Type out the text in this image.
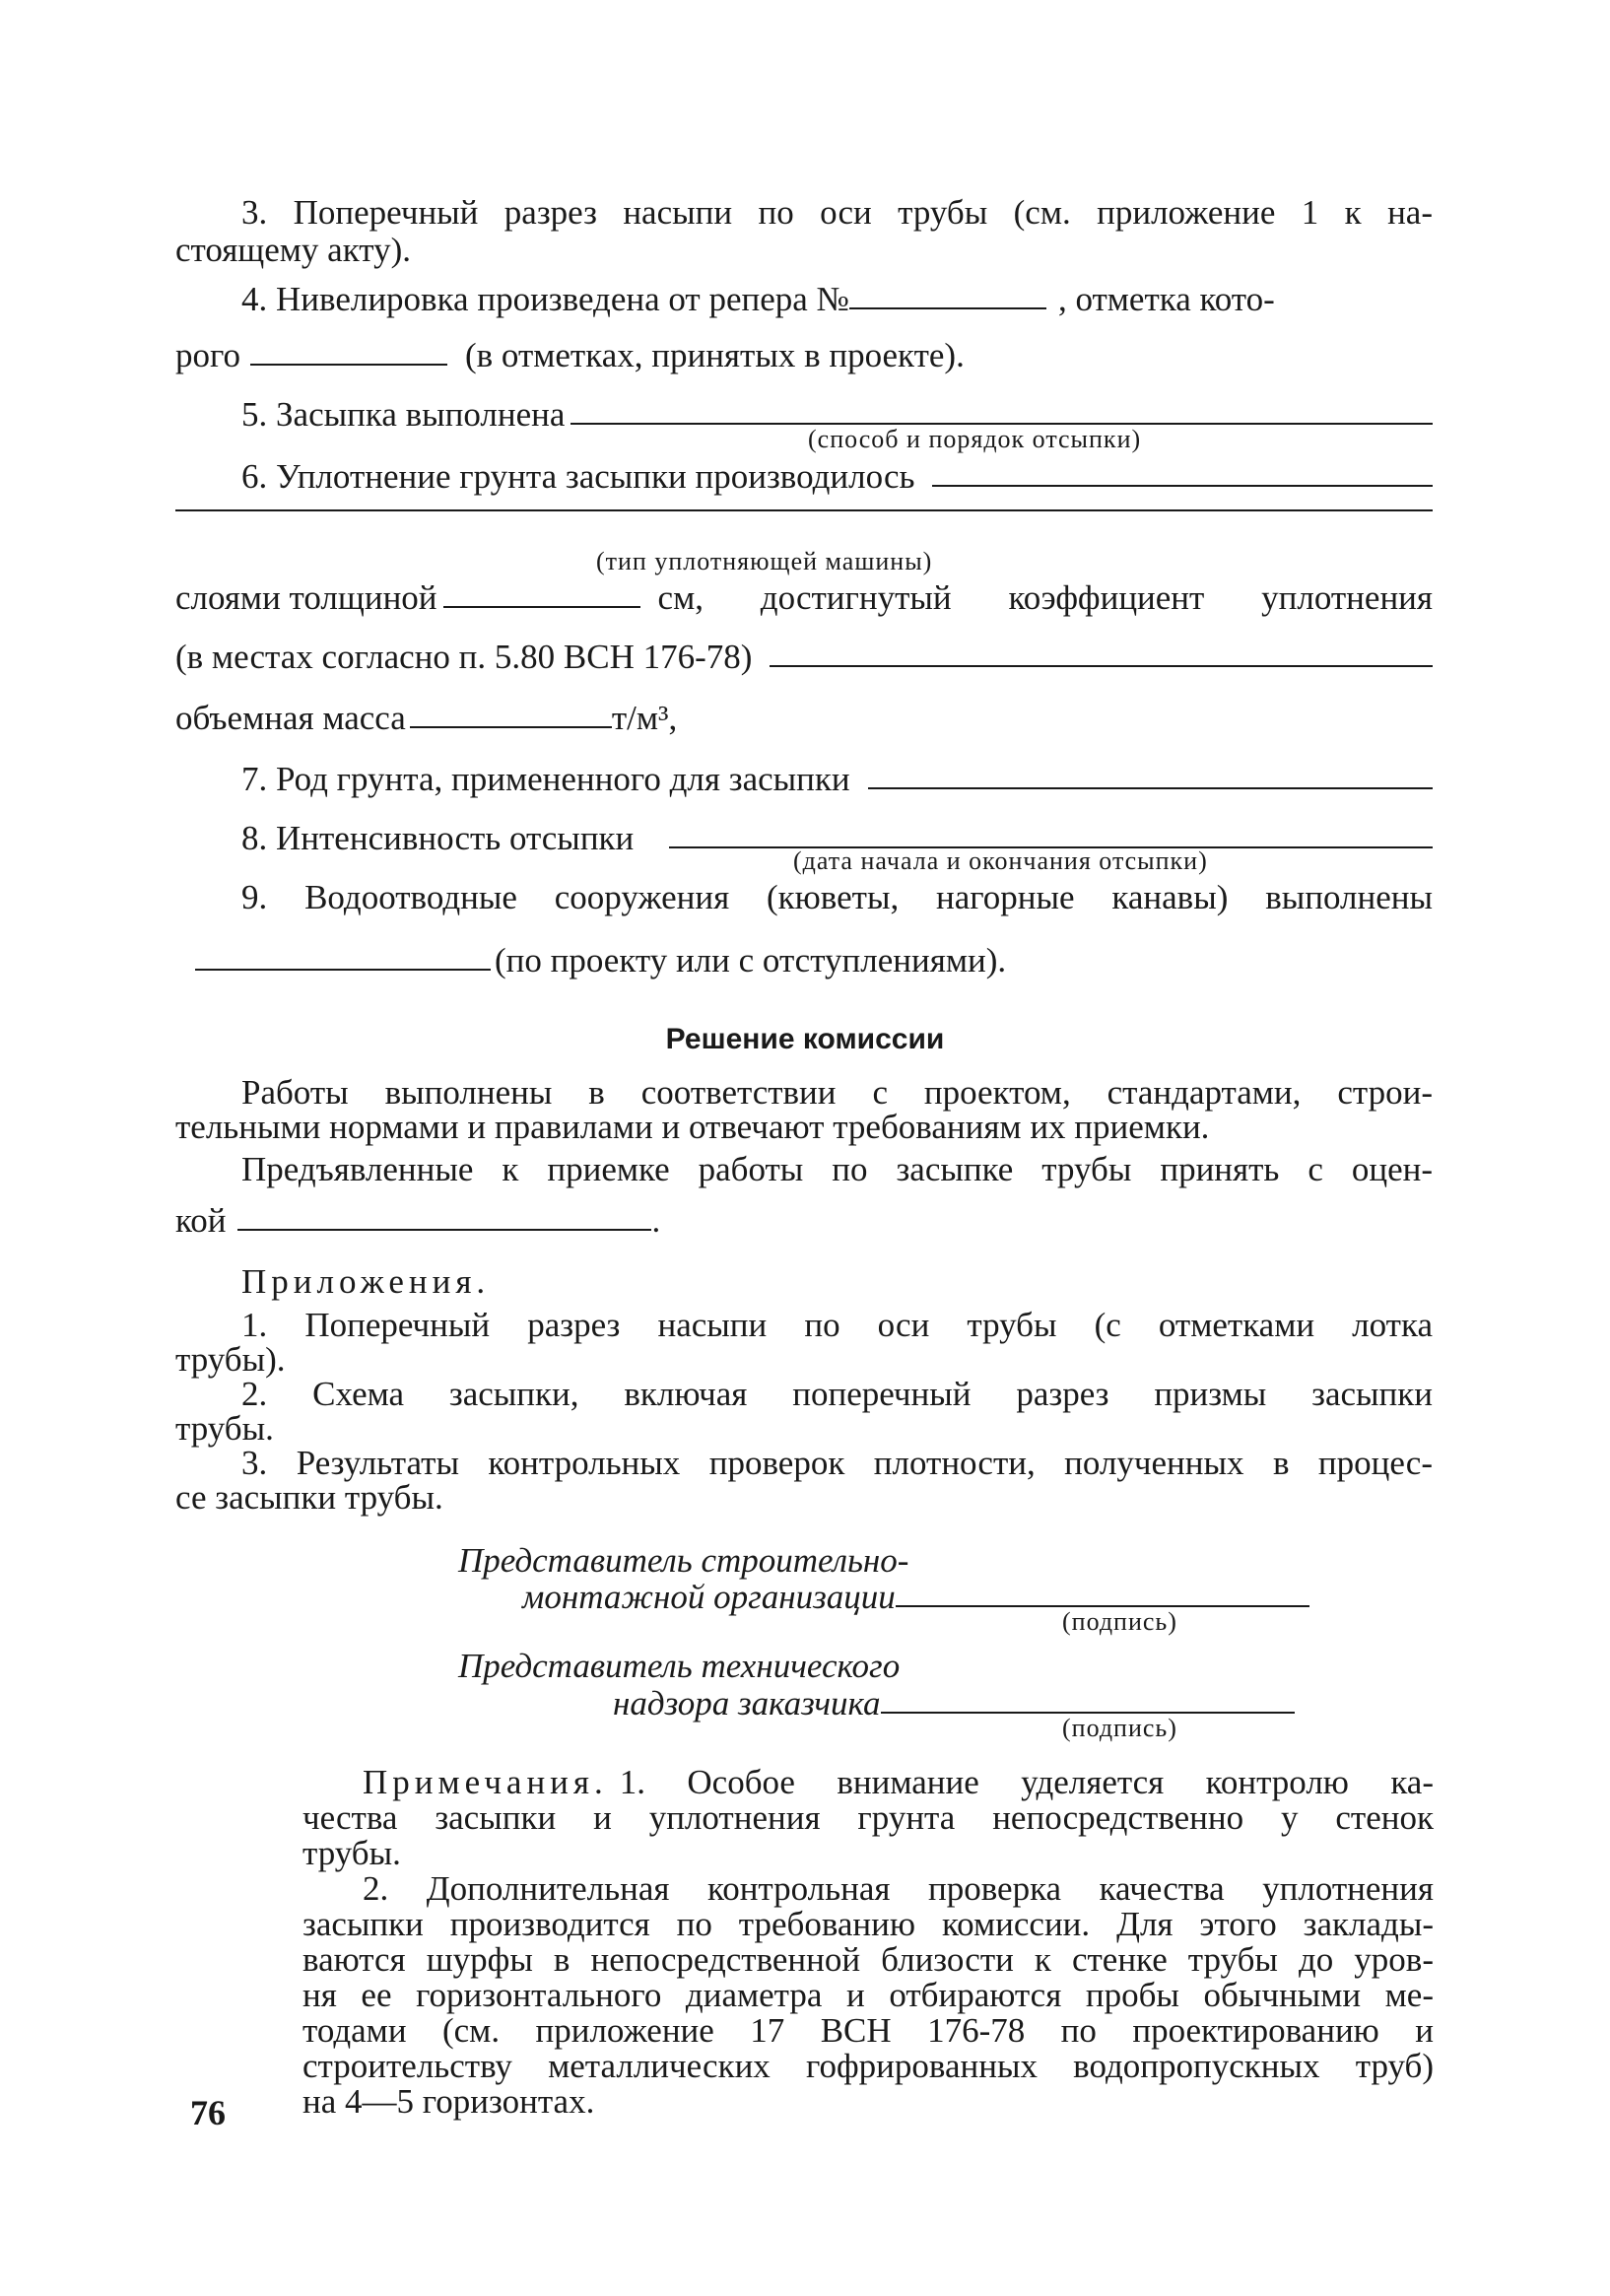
3. Поперечный разрез насыпи по оси трубы (см. приложение 1 к на-
стоящему акту).
4. Нивелировка произведена от репера №	, отметка кото-
рого	(в отметках, принятых в проекте).
5. Засыпка выполнена
(способ и порядок отсыпки)
6. Уплотнение грунта засыпки производилось
(тип уплотняющей машины)
слоями толщиной	см, достигнутый коэффициент уплотнения
(в местах согласно п. 5.80 ВСН 176-78)
объемная масса	т/м³,
7. Род грунта, примененного для засыпки
8. Интенсивность отсыпки
(дата начала и окончания отсыпки)
9. Водоотводные сооружения (кюветы, нагорные канавы) выполнены
(по проекту или с отступлениями).
Решение комиссии
Работы выполнены в соответствии с проектом, стандартами, строи-
тельными нормами и правилами и отвечают требованиям их приемки.
Предъявленные к приемке работы по засыпке трубы принять с оцен-
кой	.
Приложения.
1. Поперечный разрез насыпи по оси трубы (с отметками лотка
трубы).
2. Схема засыпки, включая поперечный разрез призмы засыпки
трубы.
3. Результаты контрольных проверок плотности, полученных в процес-
се засыпки трубы.
Представитель строительно-
монтажной организации
(подпись)
Представитель технического
надзора заказчика
(подпись)
Примечания. 1. Особое внимание уделяется контролю ка-
чества засыпки и уплотнения грунта непосредственно у стенок
трубы.
2. Дополнительная контрольная проверка качества уплотнения
засыпки производится по требованию комиссии. Для этого заклады-
ваются шурфы в непосредственной близости к стенке трубы до уров-
ня ее горизонтального диаметра и отбираются пробы обычными ме-
тодами (см. приложение 17 ВСН 176-78 по проектированию и
строительству металлических гофрированных водопропускных труб)
на 4—5 горизонтах.
76
